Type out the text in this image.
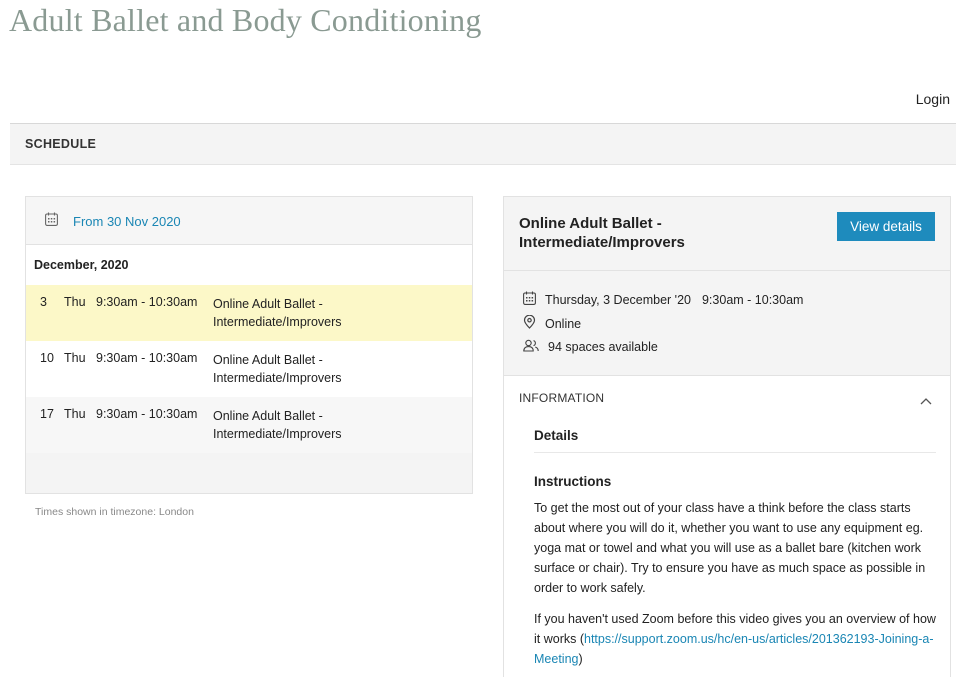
Adult Ballet and Body Conditioning
Login
SCHEDULE
From 30 Nov 2020
December, 2020
3 Thu 9:30am - 10:30am Online Adult Ballet - Intermediate/Improvers
10 Thu 9:30am - 10:30am Online Adult Ballet - Intermediate/Improvers
17 Thu 9:30am - 10:30am Online Adult Ballet - Intermediate/Improvers
Times shown in timezone: London
Online Adult Ballet - Intermediate/Improvers
View details
Thursday, 3 December '20 9:30am - 10:30am
Online
94 spaces available
INFORMATION
Details
Instructions
To get the most out of your class have a think before the class starts about where you will do it, whether you want to use any equipment eg. yoga mat or towel and what you will use as a ballet bare (kitchen work surface or chair). Try to ensure you have as much space as possible in order to work safely.
If you haven't used Zoom before this video gives you an overview of how it works (https://support.zoom.us/hc/en-us/articles/201362193-Joining-a-Meeting)
